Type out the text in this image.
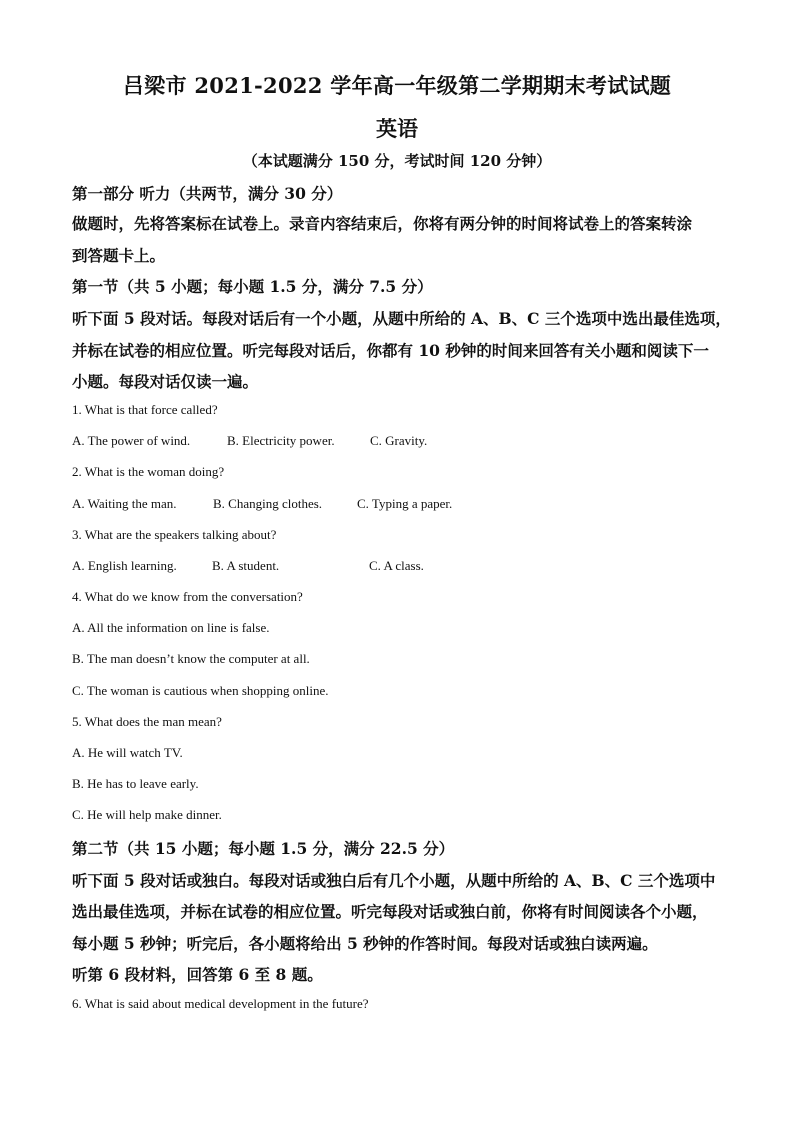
吕梁市 2021-2022 学年高一年级第二学期期末考试试题
英语
（本试题满分 150 分，考试时间 120 分钟）
第一部分 听力（共两节，满分 30 分）
做题时，先将答案标在试卷上。录音内容结束后，你将有两分钟的时间将试卷上的答案转涂
到答题卡上。
第一节（共 5 小题；每小题 1.5 分，满分 7.5 分）
听下面 5 段对话。每段对话后有一个小题，从题中所给的 A、B、C 三个选项中选出最佳选项，
并标在试卷的相应位置。听完每段对话后，你都有 10 秒钟的时间来回答有关小题和阅读下一
小题。每段对话仅读一遍。
1. What is that force called?
A. The power of wind.	B. Electricity power.	C. Gravity.
2. What is the woman doing?
A. Waiting the man.	B. Changing clothes.	C. Typing a paper.
3. What are the speakers talking about?
A. English learning.	B. A student.	C. A class.
4. What do we know from the conversation?
A. All the information on line is false.
B. The man doesn’t know the computer at all.
C. The woman is cautious when shopping online.
5. What does the man mean?
A. He will watch TV.
B. He has to leave early.
C. He will help make dinner.
第二节（共 15 小题；每小题 1.5 分，满分 22.5 分）
听下面 5 段对话或独白。每段对话或独白后有几个小题，从题中所给的 A、B、C 三个选项中
选出最佳选项，并标在试卷的相应位置。听完每段对话或独白前，你将有时间阅读各个小题，
每小题 5 秒钟；听完后，各小题将给出 5 秒钟的作答时间。每段对话或独白读两遍。
听第 6 段材料，回答第 6 至 8 题。
6. What is said about medical development in the future?
